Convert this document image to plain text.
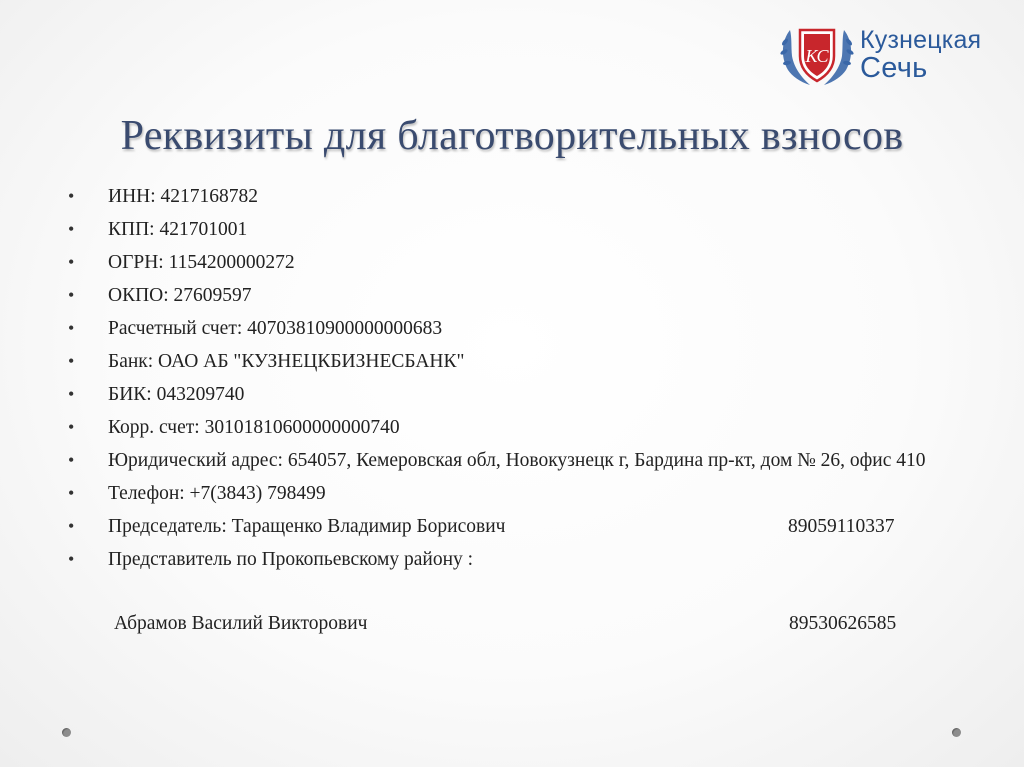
КС
Кузнецкая
Сечь
Реквизиты для благотворительных взносов
• ИНН: 4217168782
• КПП: 421701001
• ОГРН: 1154200000272
• ОКПО: 27609597
• Расчетный счет: 40703810900000000683
• Банк: ОАО АБ "КУЗНЕЦКБИЗНЕСБАНК"
• БИК: 043209740
• Корр. счет: 30101810600000000740
• Юридический адрес: 654057, Кемеровская обл, Новокузнецк г, Бардина пр-кт, дом № 26, офис 410
• Телефон: +7(3843) 798499
• Председатель: Таращенко Владимир Борисович	89059110337
• Представитель по Прокопьевскому району :
Абрамов Василий Викторович	89530626585
